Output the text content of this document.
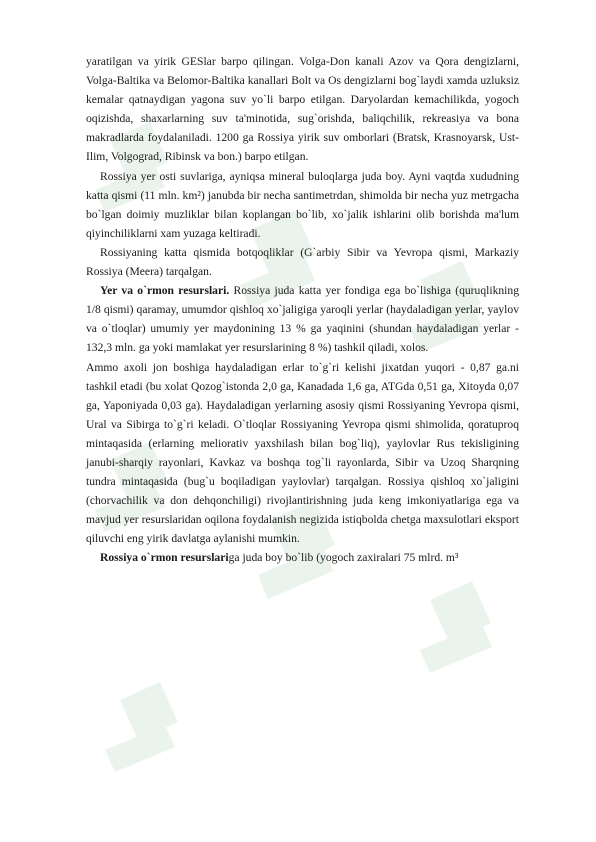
yaratilgan va yirik GESlar barpo qilingan. Volga-Don kanali Azov va Qora dengizlarni, Volga-Baltika va Belomor-Baltika kanallari Bolt va Os dengizlarni bog`laydi xamda uzluksiz kemalar qatnaydigan yagona suv yo`li barpo etilgan. Daryolardan kemachilikda, yogoch oqizishda, shaxarlarning suv ta'minotida, sug`orishda, baliqchilik, rekreasiya va bona makradlarda foydalaniladi. 1200 ga Rossiya yirik suv omborlari (Bratsk, Krasnoyarsk, Ust-Ilim, Volgograd, Ribinsk va bon.) barpo etilgan.

Rossiya yer osti suvlariga, ayniqsa mineral buloqlarga juda boy. Ayni vaqtda xududning katta qismi (11 mln. km²) janubda bir necha santimetrdan, shimolda bir necha yuz metrgacha bo`lgan doimiy muzliklar bilan koplangan bo`lib, xo`jalik ishlarini olib borishda ma'lum qiyinchiliklarni xam yuzaga keltiradi.

Rossiyaning katta qismida botqoqliklar (G`arbiy Sibir va Yevropa qismi, Markaziy Rossiya (Meera) tarqalgan.

Yer va o`rmon resurslari. Rossiya juda katta yer fondiga ega bo`lishiga (quruqlikning 1/8 qismi) qaramay, umumdor qishloq xo`jaligiga yaroqli yerlar (haydaladigan yerlar, yaylov va o`tloqlar) umumiy yer maydonining 13 % ga yaqinini (shundan haydaladigan yerlar - 132,3 mln. ga yoki mamlakat yer resurslarining 8 %) tashkil qiladi, xolos.

Ammo axoli jon boshiga haydaladigan erlar to`g`ri kelishi jixatdan yuqori - 0,87 ga.ni tashkil etadi (bu xolat Qozog`istonda 2,0 ga, Kanadada 1,6 ga, ATGda 0,51 ga, Xitoyda 0,07 ga, Yaponiyada 0,03 ga). Haydaladigan yerlarning asosiy qismi Rossiyaning Yevropa qismi, Ural va Sibirga to`g`ri keladi. O`tloqlar Rossiyaning Yevropa qismi shimolida, qoratuproq mintaqasida (erlarning meliorativ yaxshilash bilan bog`liq), yaylovlar Rus tekisligining janubi-sharqiy rayonlari, Kavkaz va boshqa tog`li rayonlarda, Sibir va Uzoq Sharqning tundra mintaqasida (bug`u boqiladigan yaylovlar) tarqalgan. Rossiya qishloq xo`jaligini (chorvachilik va don dehqonchiligi) rivojlantirishning juda keng imkoniyatlariga ega va mavjud yer resurslaridan oqilona foydalanish negizida istiqbolda chetga maxsulotlari eksport qiluvchi eng yirik davlatga aylanishi mumkin.

Rossiya o`rmon resurslariga juda boy bo`lib (yogoch zaxiralari 75 mlrd. m³
